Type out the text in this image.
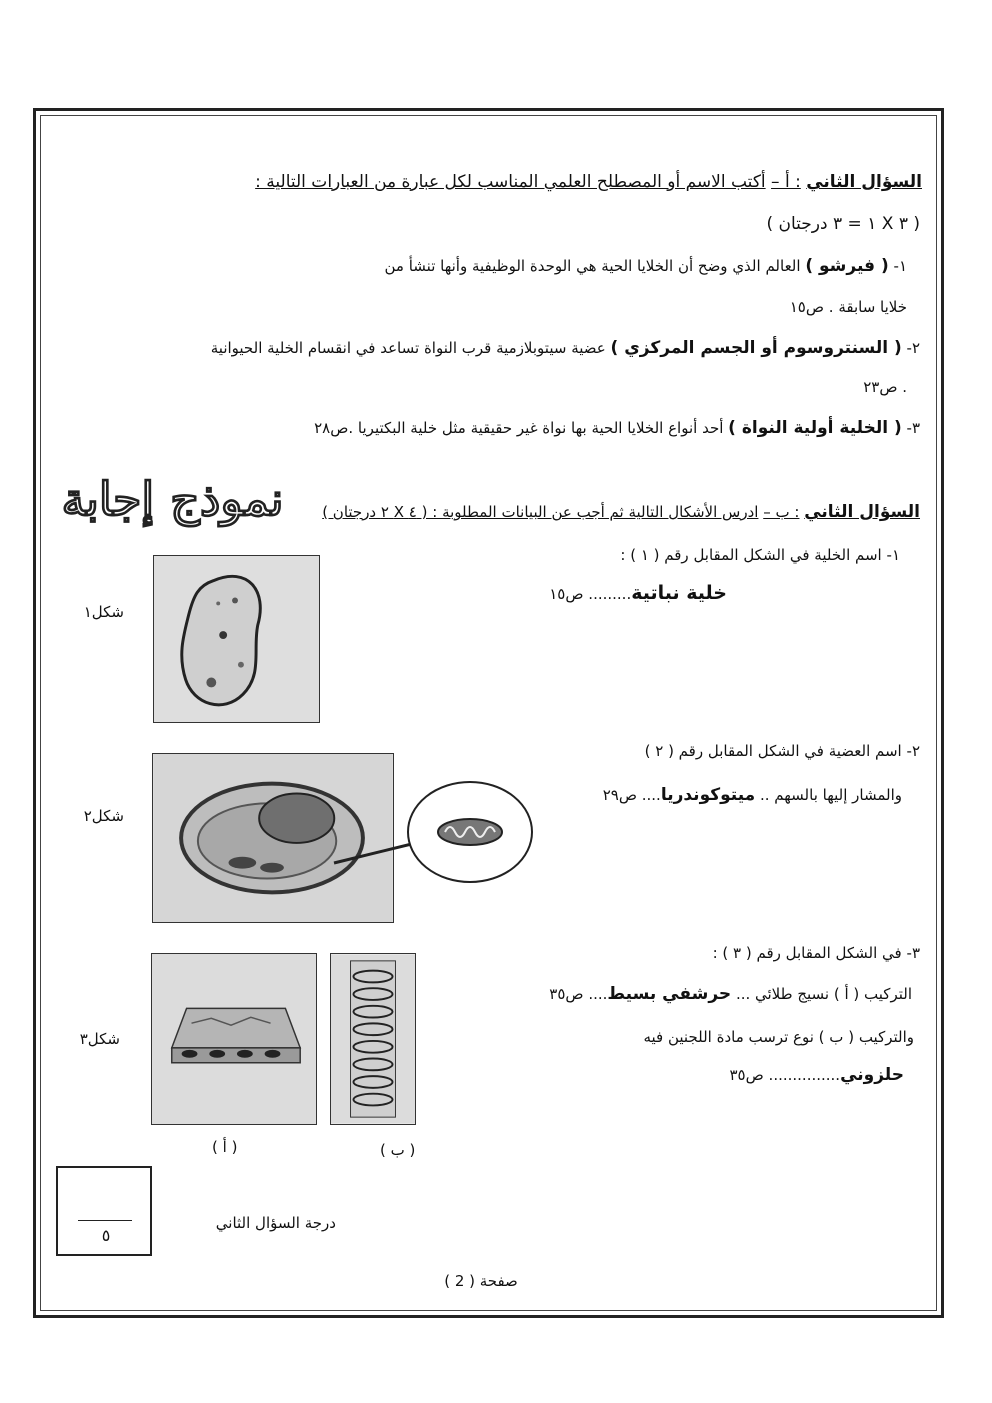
السؤال الثاني : أ – أكتب الاسم أو المصطلح العلمي المناسب لكل عبارة من العبارات التالية :
( ٣ X ١ = ٣ درجتان )
١- ( فيرشو ) العالم الذي وضح أن الخلايا الحية هي الوحدة الوظيفية وأنها تنشأ من
خلايا سابقة . ص١٥
٢- ( السنتروسوم أو الجسم المركزي ) عضية سيتوبلازمية قرب النواة تساعد في انقسام الخلية الحيوانية
. ص٢٣
٣- ( الخلية أولية النواة ) أحد أنواع الخلايا الحية بها نواة غير حقيقية مثل خلية البكتيريا .ص٢٨
السؤال الثاني : ب – ادرس الأشكال التالية ثم أجب عن البيانات المطلوبة : ( ٤ X ٢ درجتان )
نموذج إجابة
١- اسم الخلية في الشكل المقابل رقم ( ١ ) :
خلية نباتية......... ص١٥
شكل١
٢- اسم العضية في الشكل المقابل رقم ( ٢ )
والمشار إليها بالسهم .. ميتوكوندريا.... ص٢٩
شكل٢
٣- في الشكل المقابل رقم ( ٣ ) :
التركيب ( أ ) نسيج طلائي ... حرشفي بسيط.... ص٣٥
والتركيب ( ب ) نوع ترسب مادة اللجنين فيه
حلزوني............... ص٣٥
شكل٣
( أ )	( ب )
٥
درجة السؤال الثاني
صفحة ( 2 )
